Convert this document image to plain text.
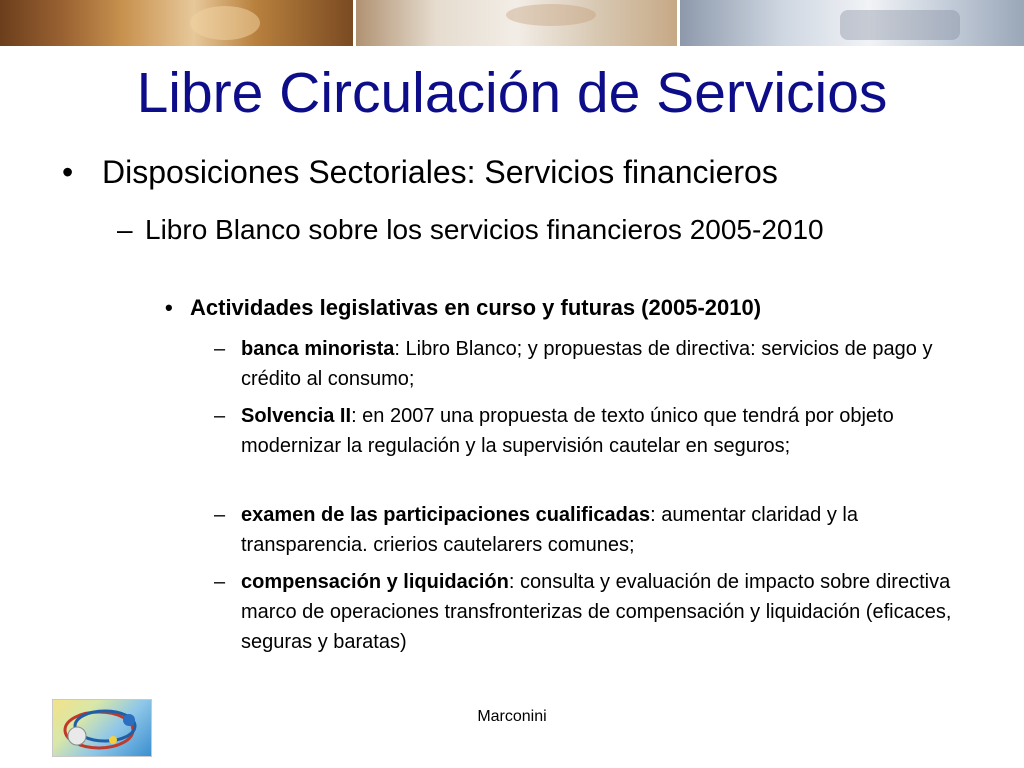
Libre Circulación de Servicios
• Disposiciones Sectoriales: Servicios financieros
– Libro Blanco sobre los servicios financieros 2005-2010
• Actividades legislativas en curso y futuras (2005-2010)
– banca minorista: Libro Blanco; y propuestas de directiva: servicios de pago y crédito al consumo;
– Solvencia II: en 2007 una propuesta de texto único que tendrá por objeto modernizar la regulación y la supervisión cautelar en seguros;
– examen de las participaciones cualificadas: aumentar claridad y la transparencia. crierios cautelarers comunes;
– compensación y liquidación: consulta y evaluación de impacto sobre directiva marco de operaciones transfronterizas de compensación y liquidación (eficaces, seguras y baratas)
Marconini
